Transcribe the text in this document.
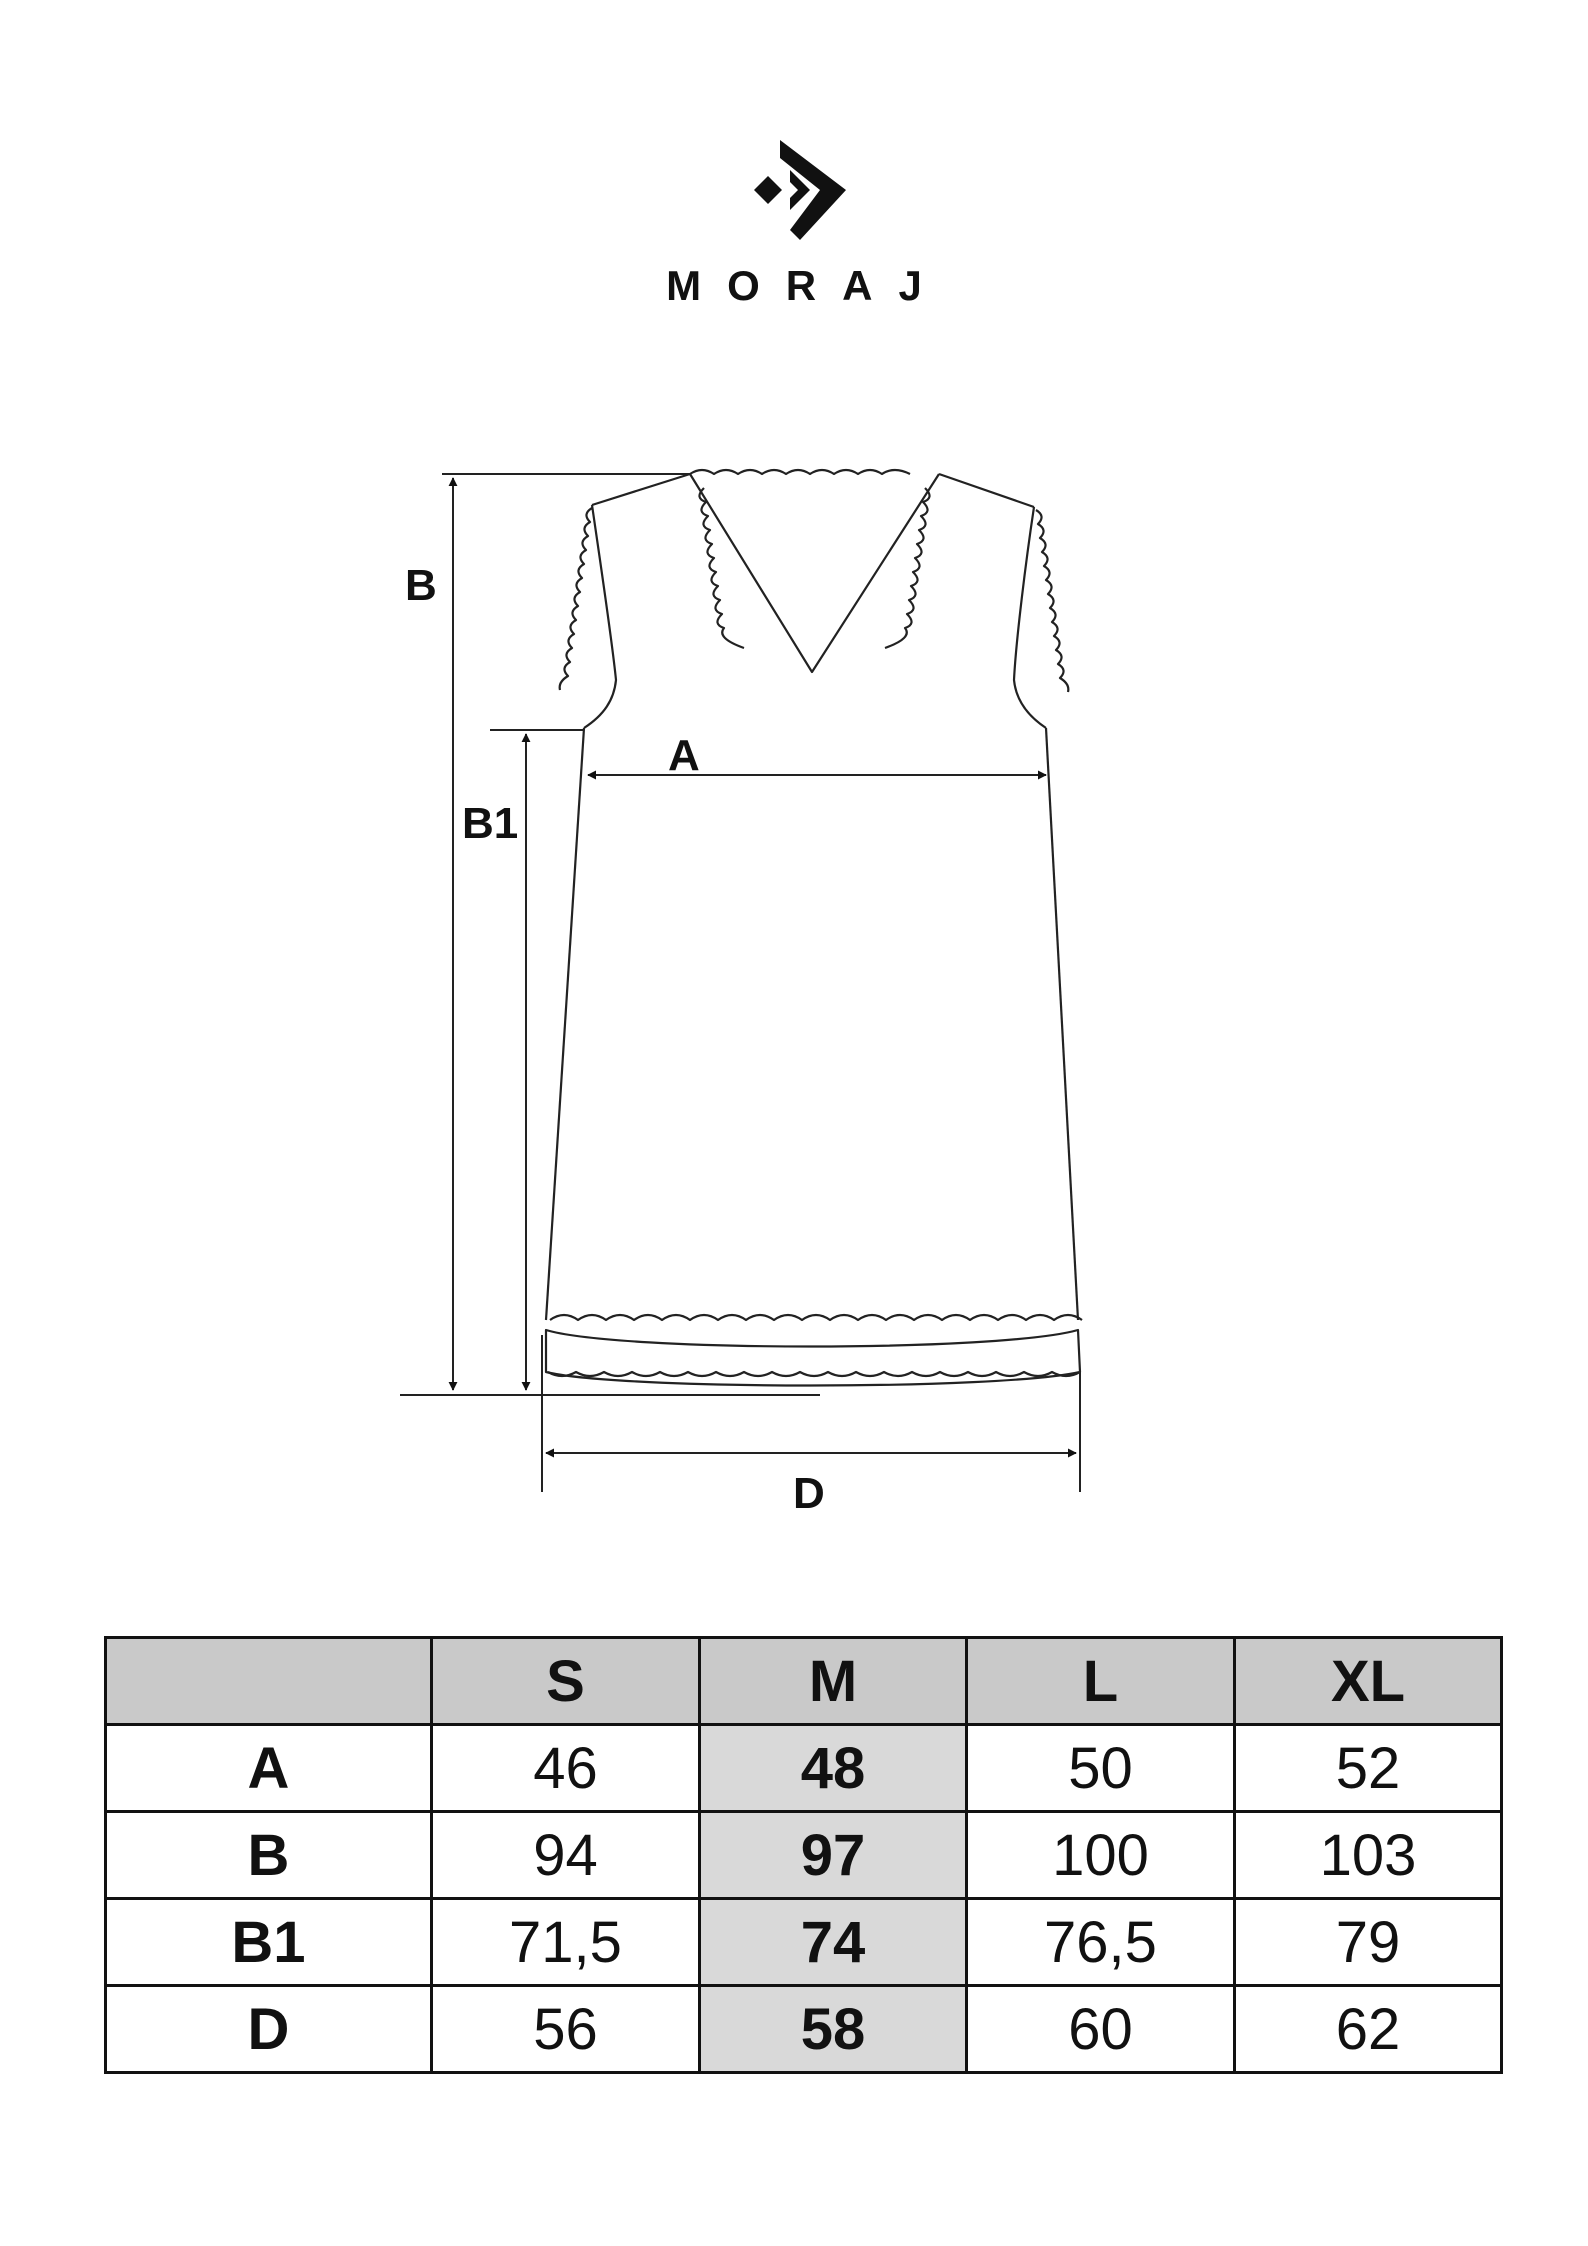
MORAJ
B
B1
A
D
	S	M	L	XL
A	46	48	50	52
B	94	97	100	103
B1	71,5	74	76,5	79
D	56	58	60	62
